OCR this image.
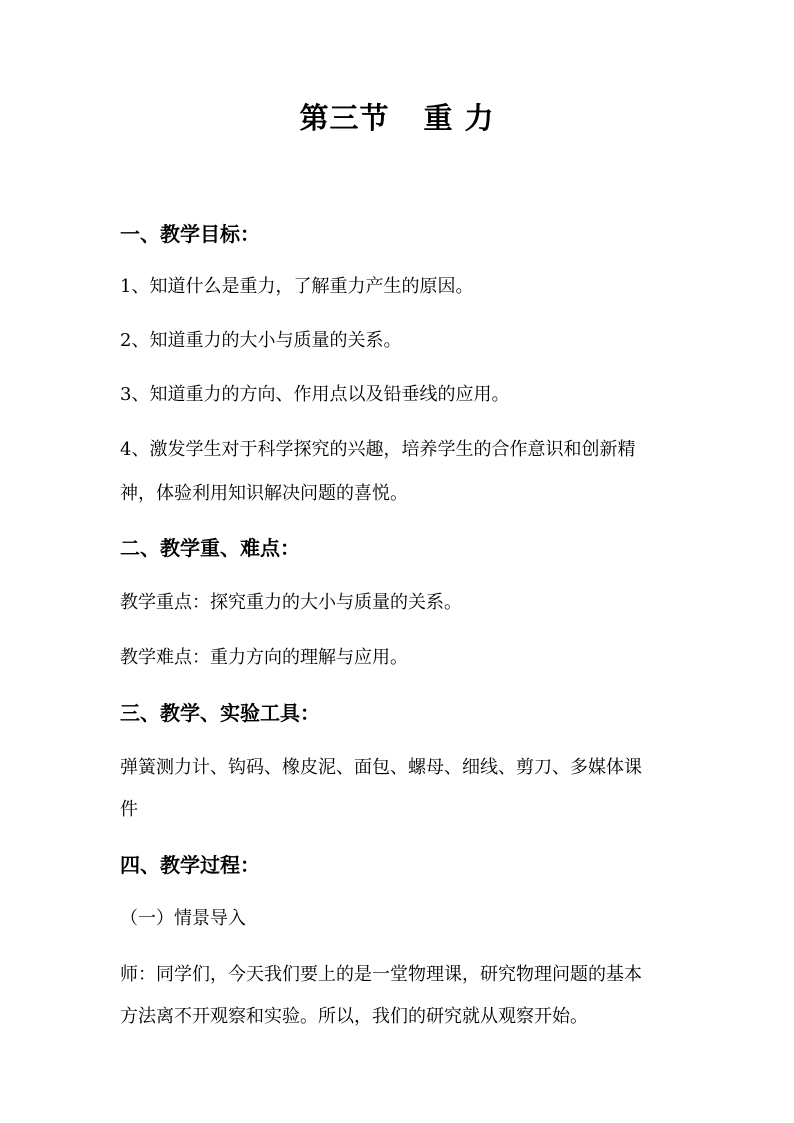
第三节 重 力
一、教学目标：
1、知道什么是重力，了解重力产生的原因。
2、知道重力的大小与质量的关系。
3、知道重力的方向、作用点以及铅垂线的应用。
4、激发学生对于科学探究的兴趣，培养学生的合作意识和创新精
神，体验利用知识解决问题的喜悦。
二、教学重、难点：
教学重点：探究重力的大小与质量的关系。
教学难点：重力方向的理解与应用。
三、教学、实验工具：
弹簧测力计、钩码、橡皮泥、面包、螺母、细线、剪刀、多媒体课
件
四、教学过程：
（一）情景导入
师：同学们，今天我们要上的是一堂物理课，研究物理问题的基本
方法离不开观察和实验。所以，我们的研究就从观察开始。
